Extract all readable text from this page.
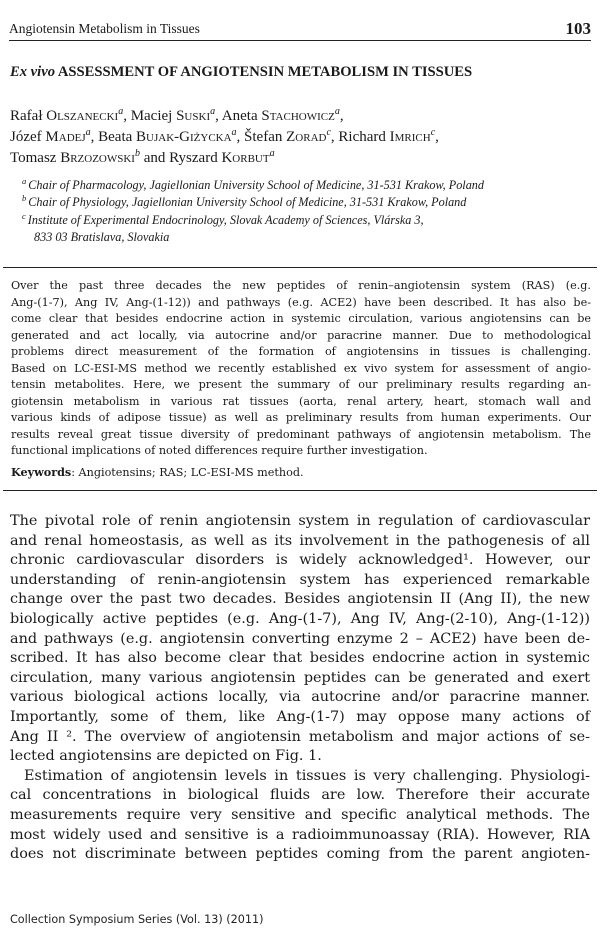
Angiotensin Metabolism in Tissues	103
Ex vivo ASSESSMENT OF ANGIOTENSIN METABOLISM IN TISSUES
Rafał Olszanecki$^a$, Maciej Suski$^a$, Aneta Stachowicz$^a$,
Józef Madej$^a$, Beata Bujak-Giżycka$^a$, Štefan Zorad$^c$, Richard Imrich$^c$,
Tomasz Brzozowski$^b$ and Ryszard Korbut$^a$
$^a$ Chair of Pharmacology, Jagiellonian University School of Medicine, 31-531 Krakow, Poland
$^b$ Chair of Physiology, Jagiellonian University School of Medicine, 31-531 Krakow, Poland
$^c$ Institute of Experimental Endocrinology, Slovak Academy of Sciences, Vlárska 3,
833 03 Bratislava, Slovakia
Over the past three decades the new peptides of renin–angiotensin system (RAS) (e.g.
Ang-(1-7), Ang IV, Ang-(1-12)) and pathways (e.g. ACE2) have been described. It has also be-
come clear that besides endocrine action in systemic circulation, various angiotensins can be
generated and act locally, via autocrine and/or paracrine manner. Due to methodological
problems direct measurement of the formation of angiotensins in tissues is challenging.
Based on LC-ESI-MS method we recently established ex vivo system for assessment of angio-
tensin metabolites. Here, we present the summary of our preliminary results regarding an-
giotensin metabolism in various rat tissues (aorta, renal artery, heart, stomach wall and
various kinds of adipose tissue) as well as preliminary results from human experiments. Our
results reveal great tissue diversity of predominant pathways of angiotensin metabolism. The
functional implications of noted differences require further investigation.
Keywords: Angiotensins; RAS; LC-ESI-MS method.
The pivotal role of renin angiotensin system in regulation of cardiovascular
and renal homeostasis, as well as its involvement in the pathogenesis of all
chronic cardiovascular disorders is widely acknowledged¹. However, our
understanding of renin-angiotensin system has experienced remarkable
change over the past two decades. Besides angiotensin II (Ang II), the new
biologically active peptides (e.g. Ang-(1-7), Ang IV, Ang-(2-10), Ang-(1-12))
and pathways (e.g. angiotensin converting enzyme 2 – ACE2) have been de-
scribed. It has also become clear that besides endocrine action in systemic
circulation, many various angiotensin peptides can be generated and exert
various biological actions locally, via autocrine and/or paracrine manner.
Importantly, some of them, like Ang-(1-7) may oppose many actions of
Ang II ². The overview of angiotensin metabolism and major actions of se-
lected angiotensins are depicted on Fig. 1.
Estimation of angiotensin levels in tissues is very challenging. Physiologi-
cal concentrations in biological fluids are low. Therefore their accurate
measurements require very sensitive and specific analytical methods. The
most widely used and sensitive is a radioimmunoassay (RIA). However, RIA
does not discriminate between peptides coming from the parent angioten-
Collection Symposium Series (Vol. 13) (2011)
